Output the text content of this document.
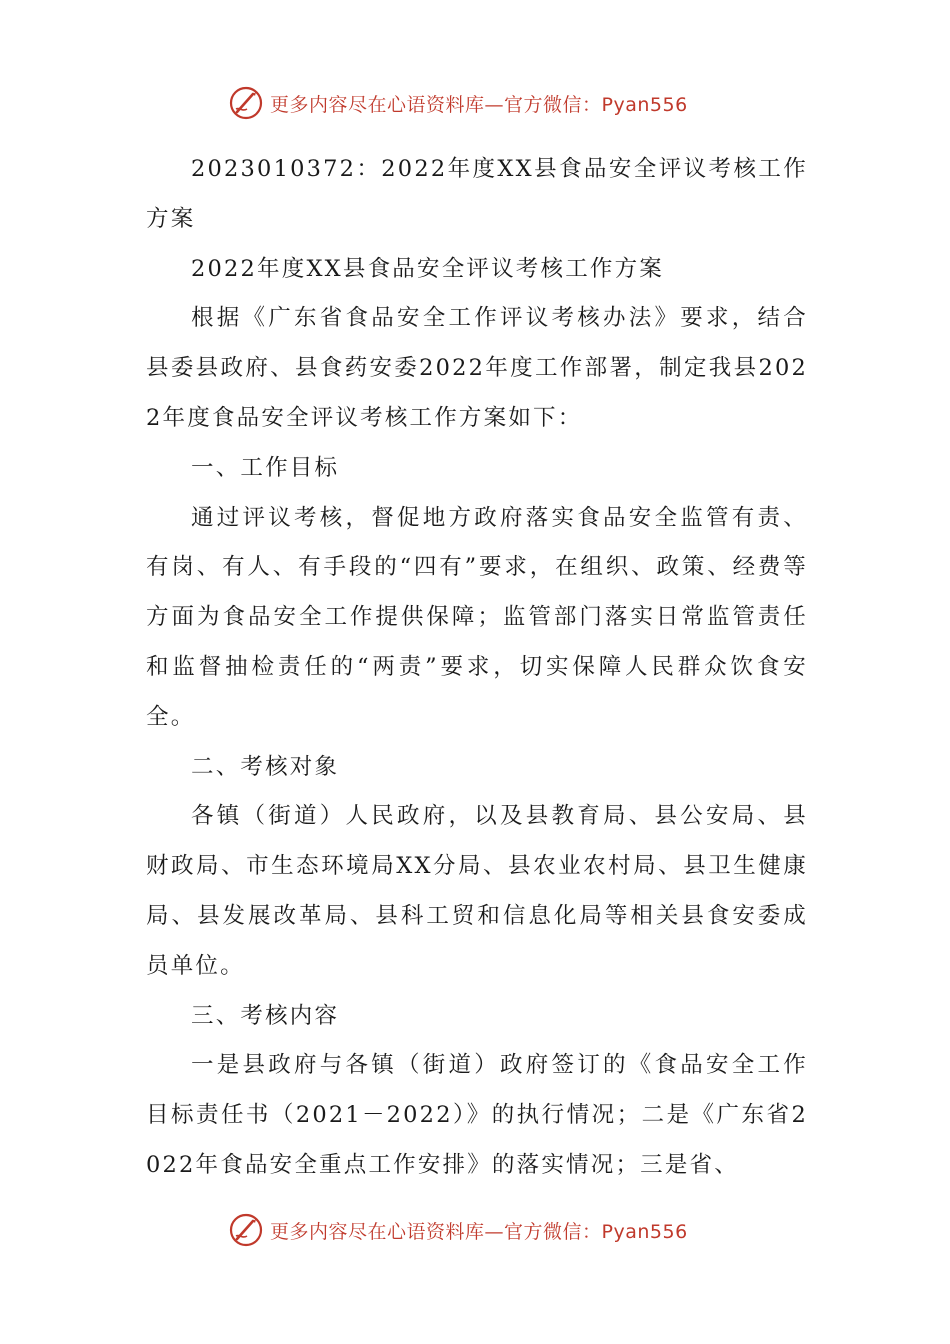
更多内容尽在心语资料库—官方微信：Pyan556

2023010372：2022年度XX县食品安全评议考核工作方案

2022年度XX县食品安全评议考核工作方案

根据《广东省食品安全工作评议考核办法》要求，结合县委县政府、县食药安委2022年度工作部署，制定我县2022年度食品安全评议考核工作方案如下：

一、工作目标

通过评议考核，督促地方政府落实食品安全监管有责、有岗、有人、有手段的“四有”要求，在组织、政策、经费等方面为食品安全工作提供保障；监管部门落实日常监管责任和监督抽检责任的“两责”要求，切实保障人民群众饮食安全。

二、考核对象

各镇（街道）人民政府，以及县教育局、县公安局、县财政局、市生态环境局XX分局、县农业农村局、县卫生健康局、县发展改革局、县科工贸和信息化局等相关县食安委成员单位。

三、考核内容

一是县政府与各镇（街道）政府签订的《食品安全工作目标责任书（2021－2022）》的执行情况；二是《广东省2022年食品安全重点工作安排》的落实情况；三是省、

更多内容尽在心语资料库—官方微信：Pyan556
